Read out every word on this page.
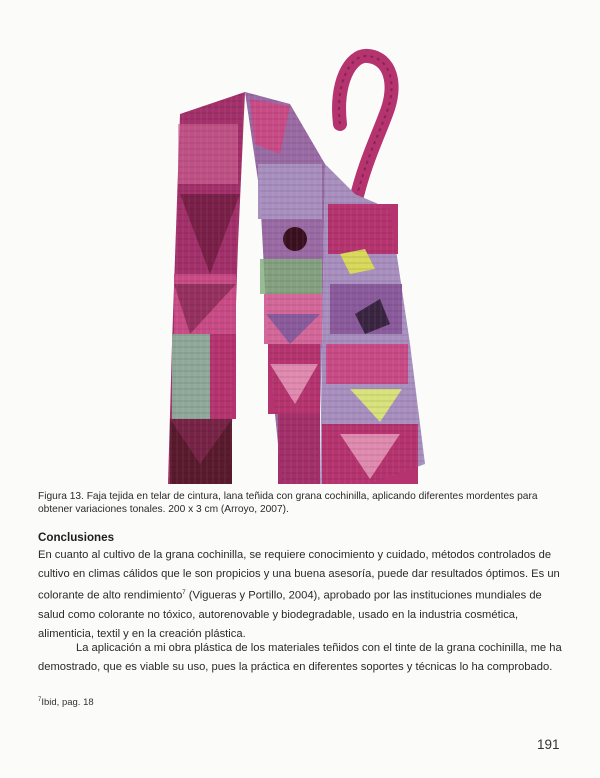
Figura 13. Faja tejida en telar de cintura, lana teñida con grana cochinilla, aplicando diferentes mordentes para obtener variaciones tonales. 200 x 3 cm (Arroyo, 2007).
Conclusiones

En cuanto al cultivo de la grana cochinilla, se requiere conocimiento y cuidado, métodos controlados de cultivo en climas cálidos que le son propicios y una buena asesoría, puede dar resultados óptimos. Es un colorante de alto rendimiento$^7$ (Vigueras y Portillo, 2004), aprobado por las instituciones mundiales de salud como colorante no tóxico, autorenovable y biodegradable, usado en la industria cosmética, alimenticia, textil y en la creación plástica.

La aplicación a mi obra plástica de los materiales teñidos con el tinte de la grana cochinilla, me ha demostrado, que es viable su uso, pues la práctica en diferentes soportes y técnicas lo ha comprobado.

$^7$Ibid, pag. 18
191
